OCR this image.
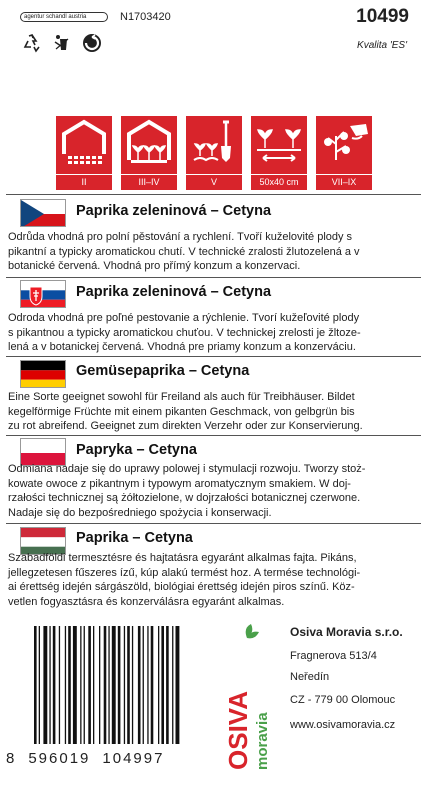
agentur schandl austria	N1703420	10499
Kvalita 'ES'
II	III–IV	V	50x40 cm	VII–IX
Paprika zeleninová – Cetyna
Odrůda vhodná pro polní pěstování a rychlení. Tvoří kuželovité plody s
pikantní a typicky aromatickou chutí. V technické zralosti žlutozelená a v
botanické červená. Vhodná pro přímý konzum a konzervaci.
Paprika zeleninová – Cetyna
Odroda vhodná pre poľné pestovanie a rýchlenie. Tvorí kužeľovité plody
s pikantnou a typicky aromatickou chuťou. V technickej zrelosti je žltoze-
lená a v botanickej červená. Vhodná pre priamy konzum a konzerváciu.
Gemüsepaprika – Cetyna
Eine Sorte geeignet sowohl für Freiland als auch für Treibhäuser. Bildet
kegelförmige Früchte mit einem pikanten Geschmack, von gelbgrün bis
zu rot abreifend. Geeignet zum direkten Verzehr oder zur Konservierung.
Papryka – Cetyna
Odmiana nadaje się do uprawy polowej i stymulacji rozwoju. Tworzy stoż-
kowate owoce z pikantnym i typowym aromatycznym smakiem. W doj-
rzałości technicznej są żółtozielone, w dojrzałości botanicznej czerwone.
Nadaje się do bezpośredniego spożycia i konserwacji.
Paprika – Cetyna
Szabadföldi termesztésre és hajtatásra egyaránt alkalmas fajta. Pikáns,
jellegzetesen fűszeres ízű, kúp alakú termést hoz. A termése technológi-
ai érettség idején sárgászöld, biológiai érettség idején piros színű. Köz-
vetlen fogyasztásra és konzerválásra egyaránt alkalmas.
8 596019 104997	OSIVA moravia
Osiva Moravia s.r.o.
Fragnerova 513/4
Neředín
CZ - 779 00 Olomouc
www.osivamoravia.cz
